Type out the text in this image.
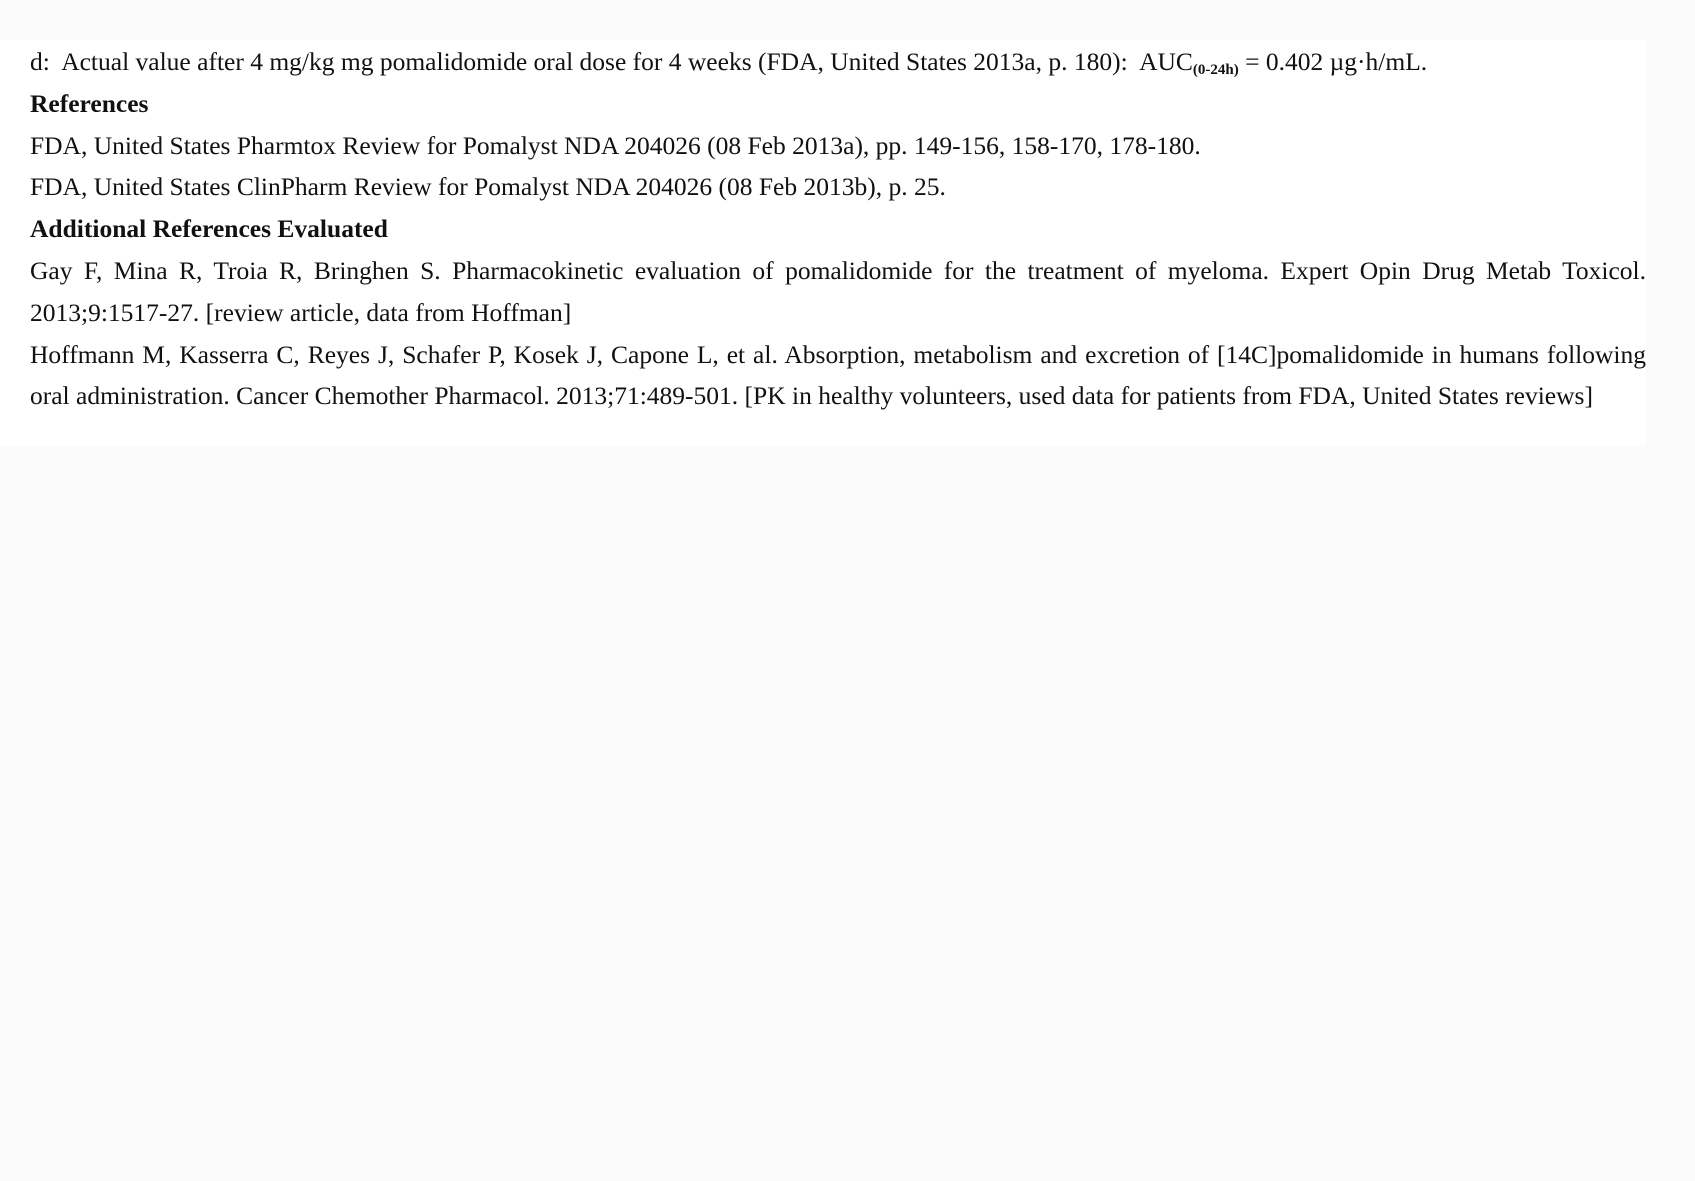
d: Actual value after 4 mg/kg mg pomalidomide oral dose for 4 weeks (FDA, United States 2013a, p. 180): $AUC_{(0-24h)} = 0.402$ µg·h/mL.
References
FDA, United States Pharmtox Review for Pomalyst NDA 204026 (08 Feb 2013a), pp. 149-156, 158-170, 178-180.
FDA, United States ClinPharm Review for Pomalyst NDA 204026 (08 Feb 2013b), p. 25.
Additional References Evaluated
Gay F, Mina R, Troia R, Bringhen S. Pharmacokinetic evaluation of pomalidomide for the treatment of myeloma. Expert Opin Drug Metab Toxicol.
2013;9:1517-27. [review article, data from Hoffman]
Hoffmann M, Kasserra C, Reyes J, Schafer P, Kosek J, Capone L, et al. Absorption, metabolism and excretion of [14C]pomalidomide in humans following
oral administration. Cancer Chemother Pharmacol. 2013;71:489-501. [PK in healthy volunteers, used data for patients from FDA, United States reviews]
